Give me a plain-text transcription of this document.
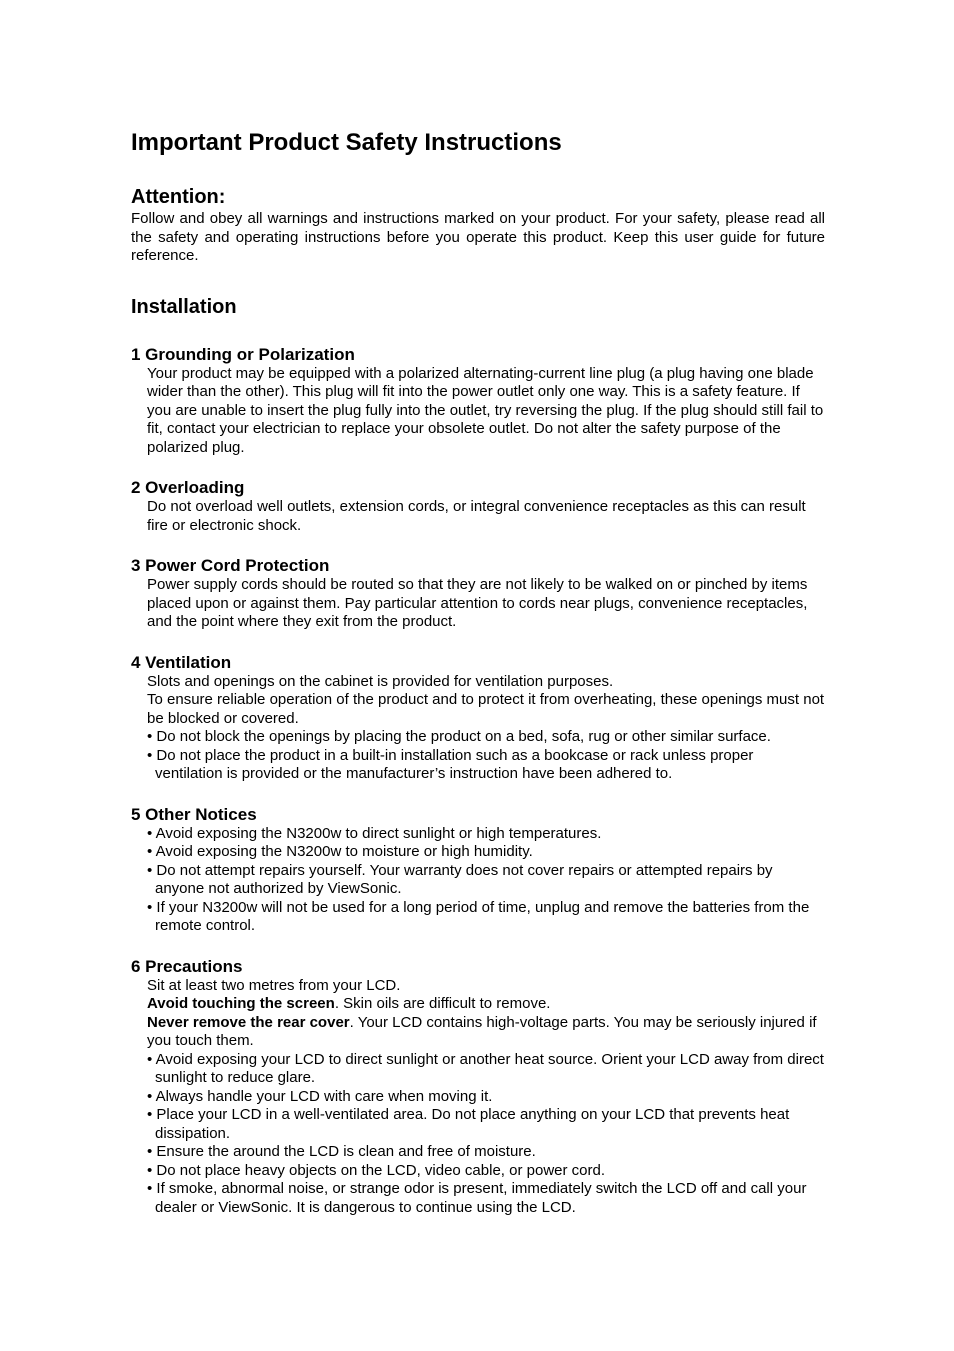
Important Product Safety Instructions
Attention:

Follow and obey all warnings and instructions marked on your product. For your safety, please read all the safety and operating instructions before you operate this product. Keep this user guide for future reference.

Installation
1 Grounding or Polarization

Your product may be equipped with a polarized alternating-current line plug (a plug having one blade wider than the other). This plug will fit into the power outlet only one way. This is a safety feature. If you are unable to insert the plug fully into the outlet, try reversing the plug. If the plug should still fail to fit, contact your electrician to replace your obsolete outlet. Do not alter the safety purpose of the polarized plug.

2 Overloading

Do not overload well outlets, extension cords, or integral convenience receptacles as this can result fire or electronic shock.

3 Power Cord Protection

Power supply cords should be routed so that they are not likely to be walked on or pinched by items placed upon or against them. Pay particular attention to cords near plugs, convenience receptacles, and the point where they exit from the product.

4 Ventilation

Slots and openings on the cabinet is provided for ventilation purposes.

To ensure reliable operation of the product and to protect it from overheating, these openings must not be blocked or covered.

• Do not block the openings by placing the product on a bed, sofa, rug or other similar surface.

• Do not place the product in a built-in installation such as a bookcase or rack unless proper ventilation is provided or the manufacturer’s instruction have been adhered to.

5 Other Notices

• Avoid exposing the N3200w to direct sunlight or high temperatures.

• Avoid exposing the N3200w to moisture or high humidity.

• Do not attempt repairs yourself. Your warranty does not cover repairs or attempted repairs by anyone not authorized by ViewSonic.

• If your N3200w will not be used for a long period of time, unplug and remove the batteries from the remote control.

6 Precautions

Sit at least two metres from your LCD.

Avoid touching the screen. Skin oils are difficult to remove.

Never remove the rear cover. Your LCD contains high-voltage parts. You may be seriously injured if you touch them.

• Avoid exposing your LCD to direct sunlight or another heat source. Orient your LCD away from direct sunlight to reduce glare.

• Always handle your LCD with care when moving it.

• Place your LCD in a well-ventilated area. Do not place anything on your LCD that prevents heat dissipation.

• Ensure the around the LCD is clean and free of moisture.

• Do not place heavy objects on the LCD, video cable, or power cord.

• If smoke, abnormal noise, or strange odor is present, immediately switch the LCD off and call your dealer or ViewSonic. It is dangerous to continue using the LCD.
